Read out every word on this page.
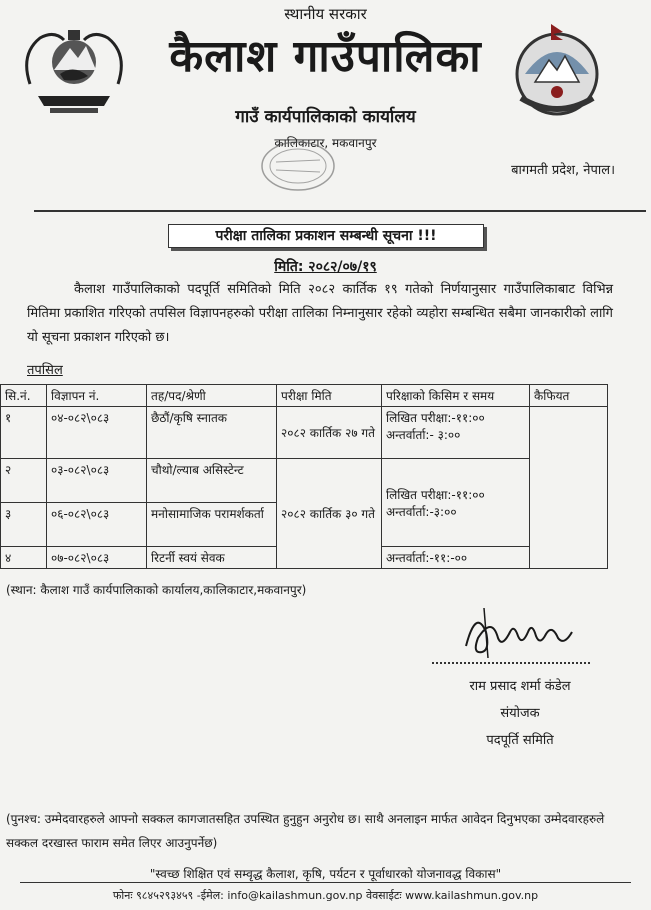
स्थानीय सरकार
कैलाश गाउँपालिका
गाउँ कार्यपालिकाको कार्यालय
कालिकाटार, मकवानपुर
बागमती प्रदेश, नेपाल।
परीक्षा तालिका प्रकाशन सम्बन्धी सूचना !!!
मिति: २०८२/०७/१९
कैलाश गाउँपालिकाको पदपूर्ति समितिको मिति २०८२ कार्तिक १९ गतेको निर्णयानुसार गाउँपालिकाबाट विभिन्न मितिमा प्रकाशित गरिएको तपसिल विज्ञापनहरुको परीक्षा तालिका निम्नानुसार रहेको व्यहोरा सम्बन्धित सबैमा जानकारीको लागि यो सूचना प्रकाशन गरिएको छ।
तपसिल
सि.नं.	विज्ञापन नं.	तह/पद/श्रेणी	परीक्षा मिति	परिक्षाको किसिम र समय	कैफियत
१	०४-०८२\०८३	छैठौं/कृषि स्नातक	२०८२ कार्तिक २७ गते	लिखित परीक्षा:-११:००
अन्तर्वार्ता:- ३:००	

२	०३-०८२\०८३	चौथो/ल्याब असिस्टेन्ट	२०८२ कार्तिक ३० गते	लिखित परीक्षा:-११:००
अन्तर्वार्ता:-३:००	

३	०६-०८२\०८३	मनोसामाजिक परामर्शकर्ता			
४	०७-०८२\०८३	रिटर्नी स्वयं सेवक		अन्तर्वार्ता:-११:-००	
(स्थान: कैलाश गाउँ कार्यपालिकाको कार्यालय,कालिकाटार,मकवानपुर)
राम प्रसाद शर्मा कंडेल
संयोजक
पदपूर्ति समिति
(पुनश्च: उम्मेदवारहरुले आफ्नो सक्कल कागजातसहित उपस्थित हुनुहुन अनुरोध छ। साथै अनलाइन मार्फत आवेदन दिनुभएका उम्मेदवारहरुले सक्कल दरखास्त फाराम समेत लिएर आउनुपर्नेछ)
"स्वच्छ शिक्षित एवं सम्वृद्ध कैलाश, कृषि, पर्यटन र पूर्वाधारको योजनावद्ध विकास"
फोनः ९८४५२९३४५९ -ईमेल: info@kailashmun.gov.np वेवसाईटः www.kailashmun.gov.np
